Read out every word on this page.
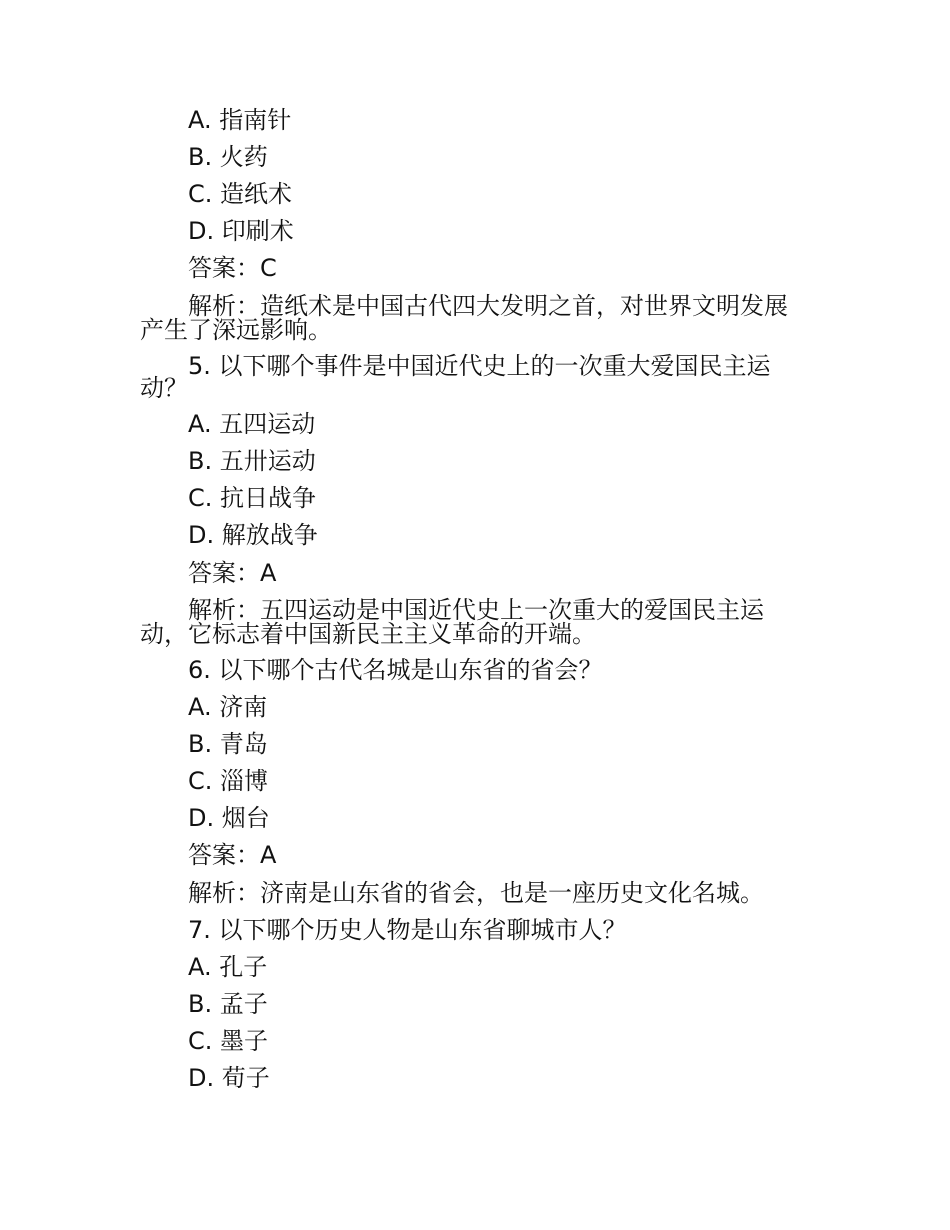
A. 指南针
B. 火药
C. 造纸术
D. 印刷术
答案：C
解析：造纸术是中国古代四大发明之首，对世界文明发展
产生了深远影响。
5. 以下哪个事件是中国近代史上的一次重大爱国民主运
动？
A. 五四运动
B. 五卅运动
C. 抗日战争
D. 解放战争
答案：A
解析：五四运动是中国近代史上一次重大的爱国民主运
动，它标志着中国新民主主义革命的开端。
6. 以下哪个古代名城是山东省的省会？
A. 济南
B. 青岛
C. 淄博
D. 烟台
答案：A
解析：济南是山东省的省会，也是一座历史文化名城。
7. 以下哪个历史人物是山东省聊城市人？
A. 孔子
B. 孟子
C. 墨子
D. 荀子
